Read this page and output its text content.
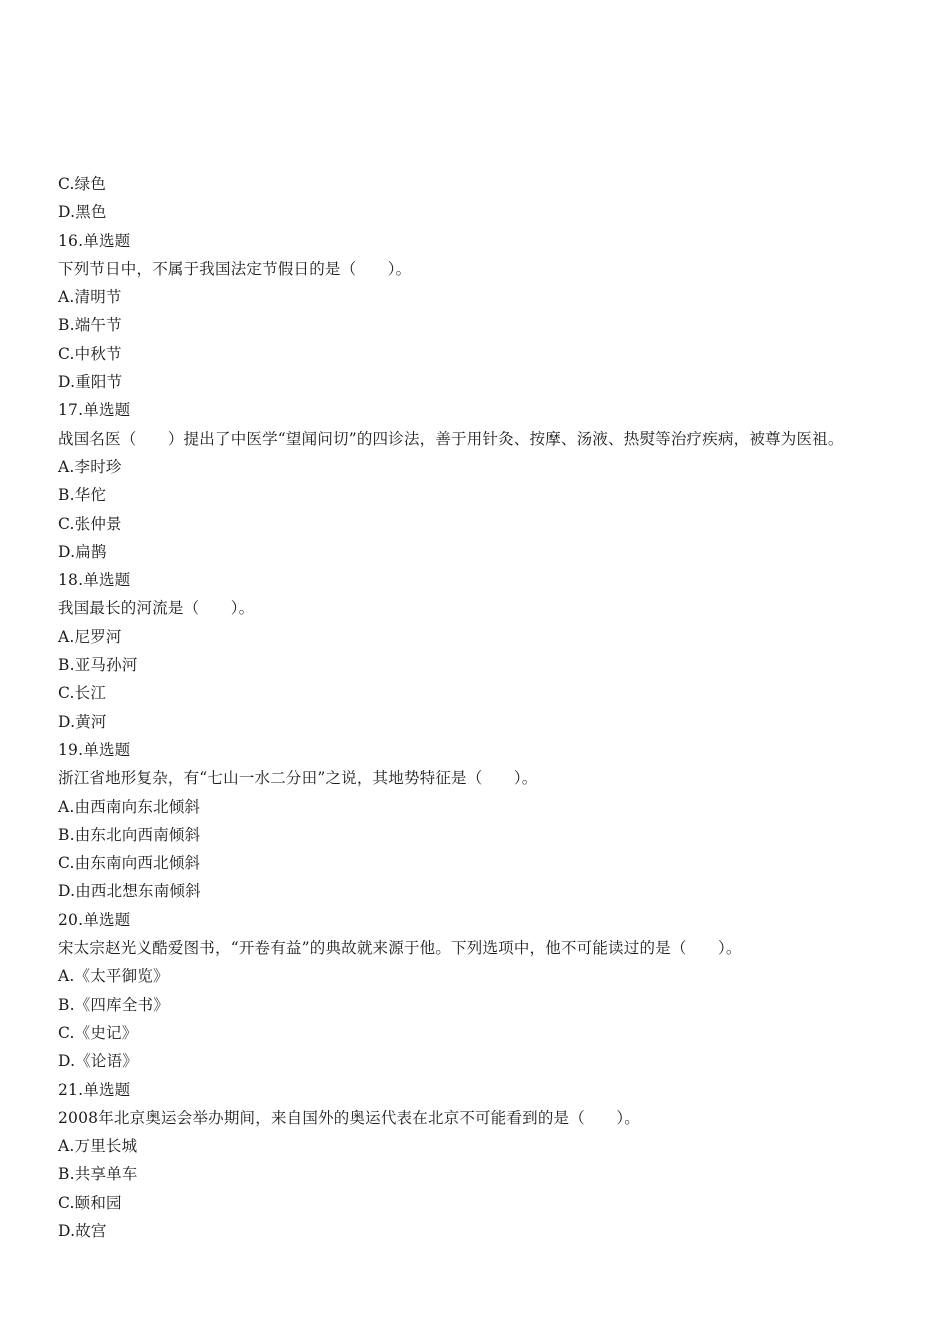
C.绿色
D.黑色
16.单选题
下列节日中，不属于我国法定节假日的是（　　）。
A.清明节
B.端午节
C.中秋节
D.重阳节
17.单选题
战国名医（　　）提出了中医学“望闻问切”的四诊法，善于用针灸、按摩、汤液、热熨等治疗疾病，被尊为医祖。
A.李时珍
B.华佗
C.张仲景
D.扁鹊
18.单选题
我国最长的河流是（　　）。
A.尼罗河
B.亚马孙河
C.长江
D.黄河
19.单选题
浙江省地形复杂，有“七山一水二分田”之说，其地势特征是（　　）。
A.由西南向东北倾斜
B.由东北向西南倾斜
C.由东南向西北倾斜
D.由西北想东南倾斜
20.单选题
宋太宗赵光义酷爱图书，“开卷有益”的典故就来源于他。下列选项中，他不可能读过的是（　　）。
A.《太平御览》
B.《四库全书》
C.《史记》
D.《论语》
21.单选题
2008年北京奥运会举办期间，来自国外的奥运代表在北京不可能看到的是（　　）。
A.万里长城
B.共享单车
C.颐和园
D.故宫
